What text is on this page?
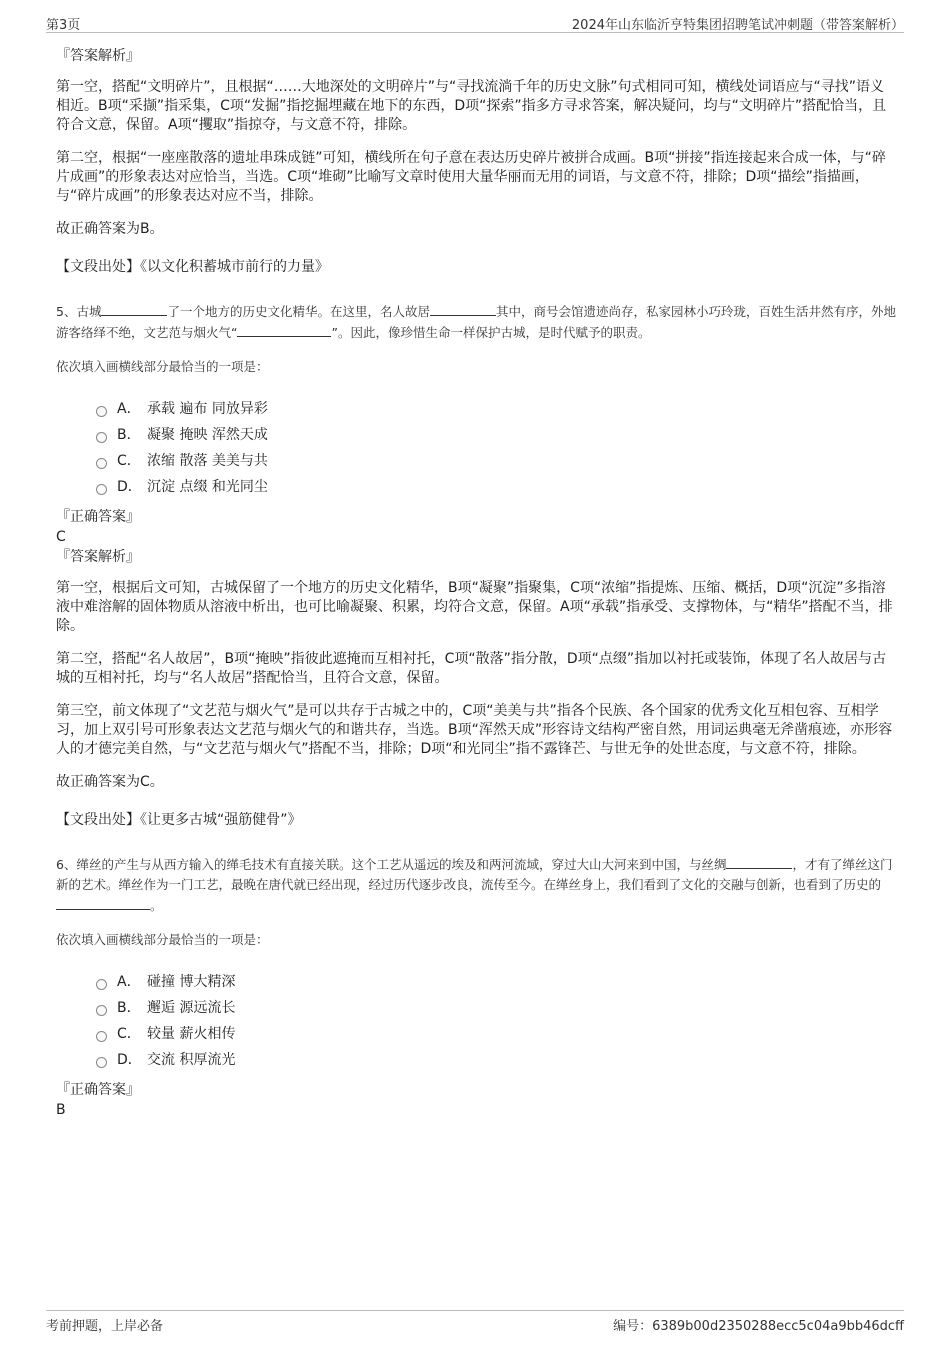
第3页	2024年山东临沂亨特集团招聘笔试冲刺题（带答案解析）

『答案解析』

第一空，搭配“文明碎片”，且根据“……大地深处的文明碎片”与“寻找流淌千年的历史文脉”句式相同可知，横线处词语应与“寻找”语义相近。B项“采撷”指采集，C项“发掘”指挖掘埋藏在地下的东西，D项“探索”指多方寻求答案，解决疑问，均与“文明碎片”搭配恰当，且符合文意，保留。A项“攫取”指掠夺，与文意不符，排除。

第二空，根据“一座座散落的遗址串珠成链”可知，横线所在句子意在表达历史碎片被拼合成画。B项“拼接”指连接起来合成一体，与“碎片成画”的形象表达对应恰当，当选。C项“堆砌”比喻写文章时使用大量华丽而无用的词语，与文意不符，排除；D项“描绘”指描画，与“碎片成画”的形象表达对应不当，排除。

故正确答案为B。

【文段出处】《以文化积蓄城市前行的力量》

5、古城	了一个地方的历史文化精华。在这里，名人故居	其中，商号会馆遗迹尚存，私家园林小巧玲珑，百姓生活井然有序，外地游客络绎不绝，文艺范与烟火气“	”。因此，像珍惜生命一样保护古城，是时代赋予的职责。

依次填入画横线部分最恰当的一项是：

A． 承载 遍布 同放异彩
B． 凝聚 掩映 浑然天成
C． 浓缩 散落 美美与共
D． 沉淀 点缀 和光同尘

『正确答案』

C

『答案解析』

第一空，根据后文可知，古城保留了一个地方的历史文化精华，B项“凝聚”指聚集，C项“浓缩”指提炼、压缩、概括，D项“沉淀”多指溶液中难溶解的固体物质从溶液中析出，也可比喻凝聚、积累，均符合文意，保留。A项“承载”指承受、支撑物体，与“精华”搭配不当，排除。

第二空，搭配“名人故居”，B项“掩映”指彼此遮掩而互相衬托，C项“散落”指分散，D项“点缀”指加以衬托或装饰，体现了名人故居与古城的互相衬托，均与“名人故居”搭配恰当，且符合文意，保留。

第三空，前文体现了“文艺范与烟火气”是可以共存于古城之中的，C项“美美与共”指各个民族、各个国家的优秀文化互相包容、互相学习，加上双引号可形象表达文艺范与烟火气的和谐共存，当选。B项“浑然天成”形容诗文结构严密自然，用词运典毫无斧凿痕迹，亦形容人的才德完美自然，与“文艺范与烟火气”搭配不当，排除；D项“和光同尘”指不露锋芒、与世无争的处世态度，与文意不符，排除。

故正确答案为C。

【文段出处】《让更多古城“强筋健骨”》

6、缂丝的产生与从西方输入的缂毛技术有直接关联。这个工艺从遥远的埃及和两河流域，穿过大山大河来到中国，与丝绸	，才有了缂丝这门新的艺术。缂丝作为一门工艺，最晚在唐代就已经出现，经过历代逐步改良，流传至今。在缂丝身上，我们看到了文化的交融与创新，也看到了历史的。

依次填入画横线部分最恰当的一项是：

A． 碰撞 博大精深
B． 邂逅 源远流长
C． 较量 薪火相传
D． 交流 积厚流光

『正确答案』

B

考前押题，上岸必备	编号：6389b00d2350288ecc5c04a9bb46dcff
